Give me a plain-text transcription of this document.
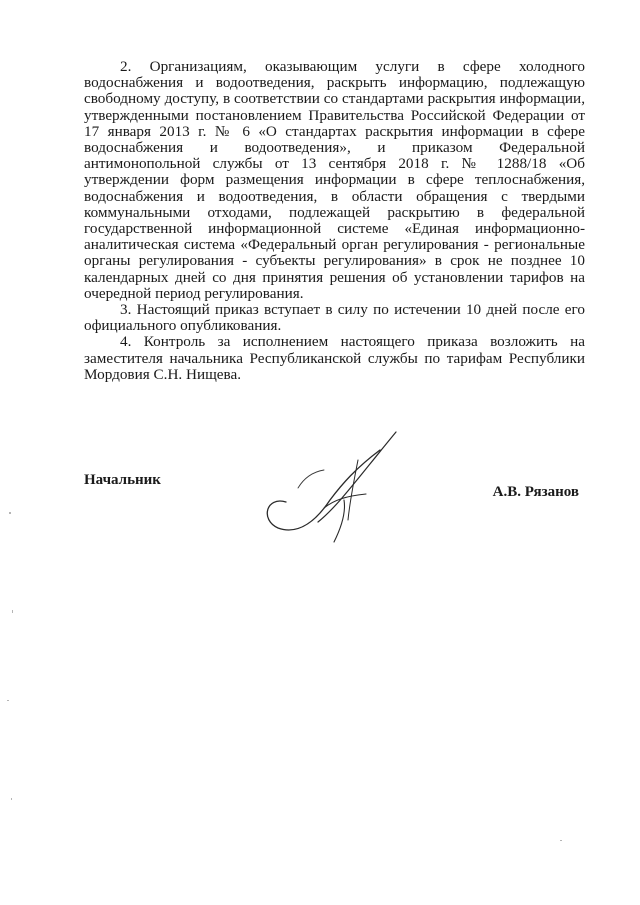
2. Организациям, оказывающим услуги в сфере холодного водоснабжения и водоотведения, раскрыть информацию, подлежащую свободному доступу, в соответствии со стандартами раскрытия информации, утвержденными постановлением Правительства Российской Федерации от 17 января 2013 г. № 6 «О стандартах раскрытия информации в сфере водоснабжения и водоотведения», и приказом Федеральной антимонопольной службы от 13 сентября 2018 г. № 1288/18 «Об утверждении форм размещения информации в сфере теплоснабжения, водоснабжения и водоотведения, в области обращения с твердыми коммунальными отходами, подлежащей раскрытию в федеральной государственной информационной системе «Единая информационно-аналитическая система «Федеральный орган регулирования - региональные органы регулирования - субъекты регулирования» в срок не позднее 10 календарных дней со дня принятия решения об установлении тарифов на очередной период регулирования.

3. Настоящий приказ вступает в силу по истечении 10 дней после его официального опубликования.

4. Контроль за исполнением настоящего приказа возложить на заместителя начальника Республиканской службы по тарифам Республики Мордовия С.Н. Нищева.

Начальник
А.В. Рязанов
